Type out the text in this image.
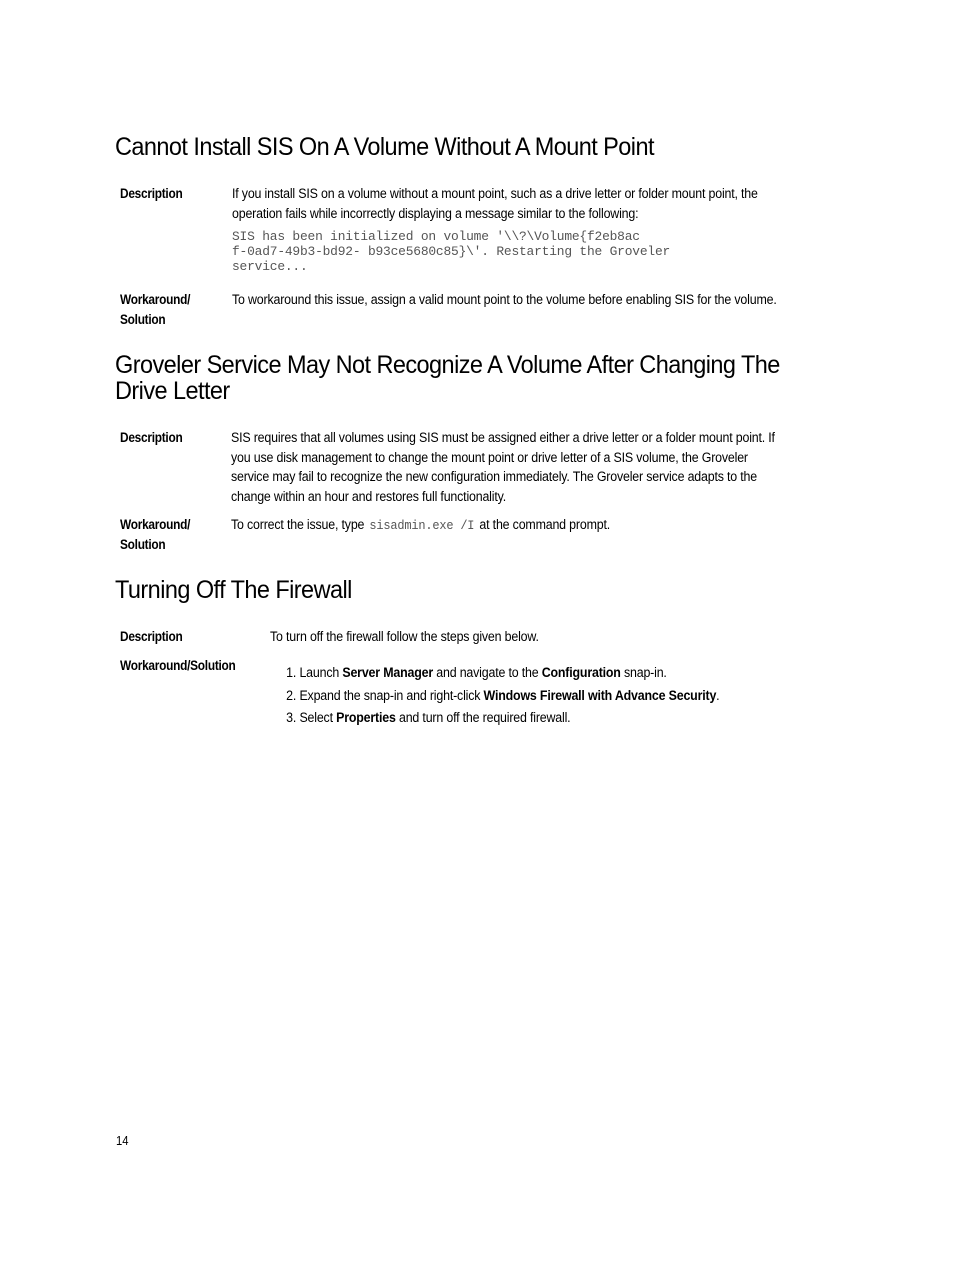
Cannot Install SIS On A Volume Without A Mount Point
Description	If you install SIS on a volume without a mount point, such as a drive letter or folder mount point, the operation fails while incorrectly displaying a message similar to the following:

SIS has been initialized on volume '\\?\Volume{f2eb8ac
f-0ad7-49b3-bd92- b93ce5680c85}\'. Restarting the Groveler
service...
Workaround/
Solution

To workaround this issue, assign a valid mount point to the volume before enabling SIS for the volume.

Groveler Service May Not Recognize A Volume After Changing The Drive Letter
Description	SIS requires that all volumes using SIS must be assigned either a drive letter or a folder mount point. If you use disk management to change the mount point or drive letter of a SIS volume, the Groveler service may fail to recognize the new configuration immediately. The Groveler service adapts to the change within an hour and restores full functionality.

Workaround/
Solution

To correct the issue, type sisadmin.exe /I at the command prompt.

Turning Off The Firewall
Description	To turn off the firewall follow the steps given below.

Workaround/Solution
1.	Launch Server Manager and navigate to the Configuration snap-in.
2. Expand the snap-in and right-click Windows Firewall with Advance Security.
3. Select Properties and turn off the required firewall.
14
